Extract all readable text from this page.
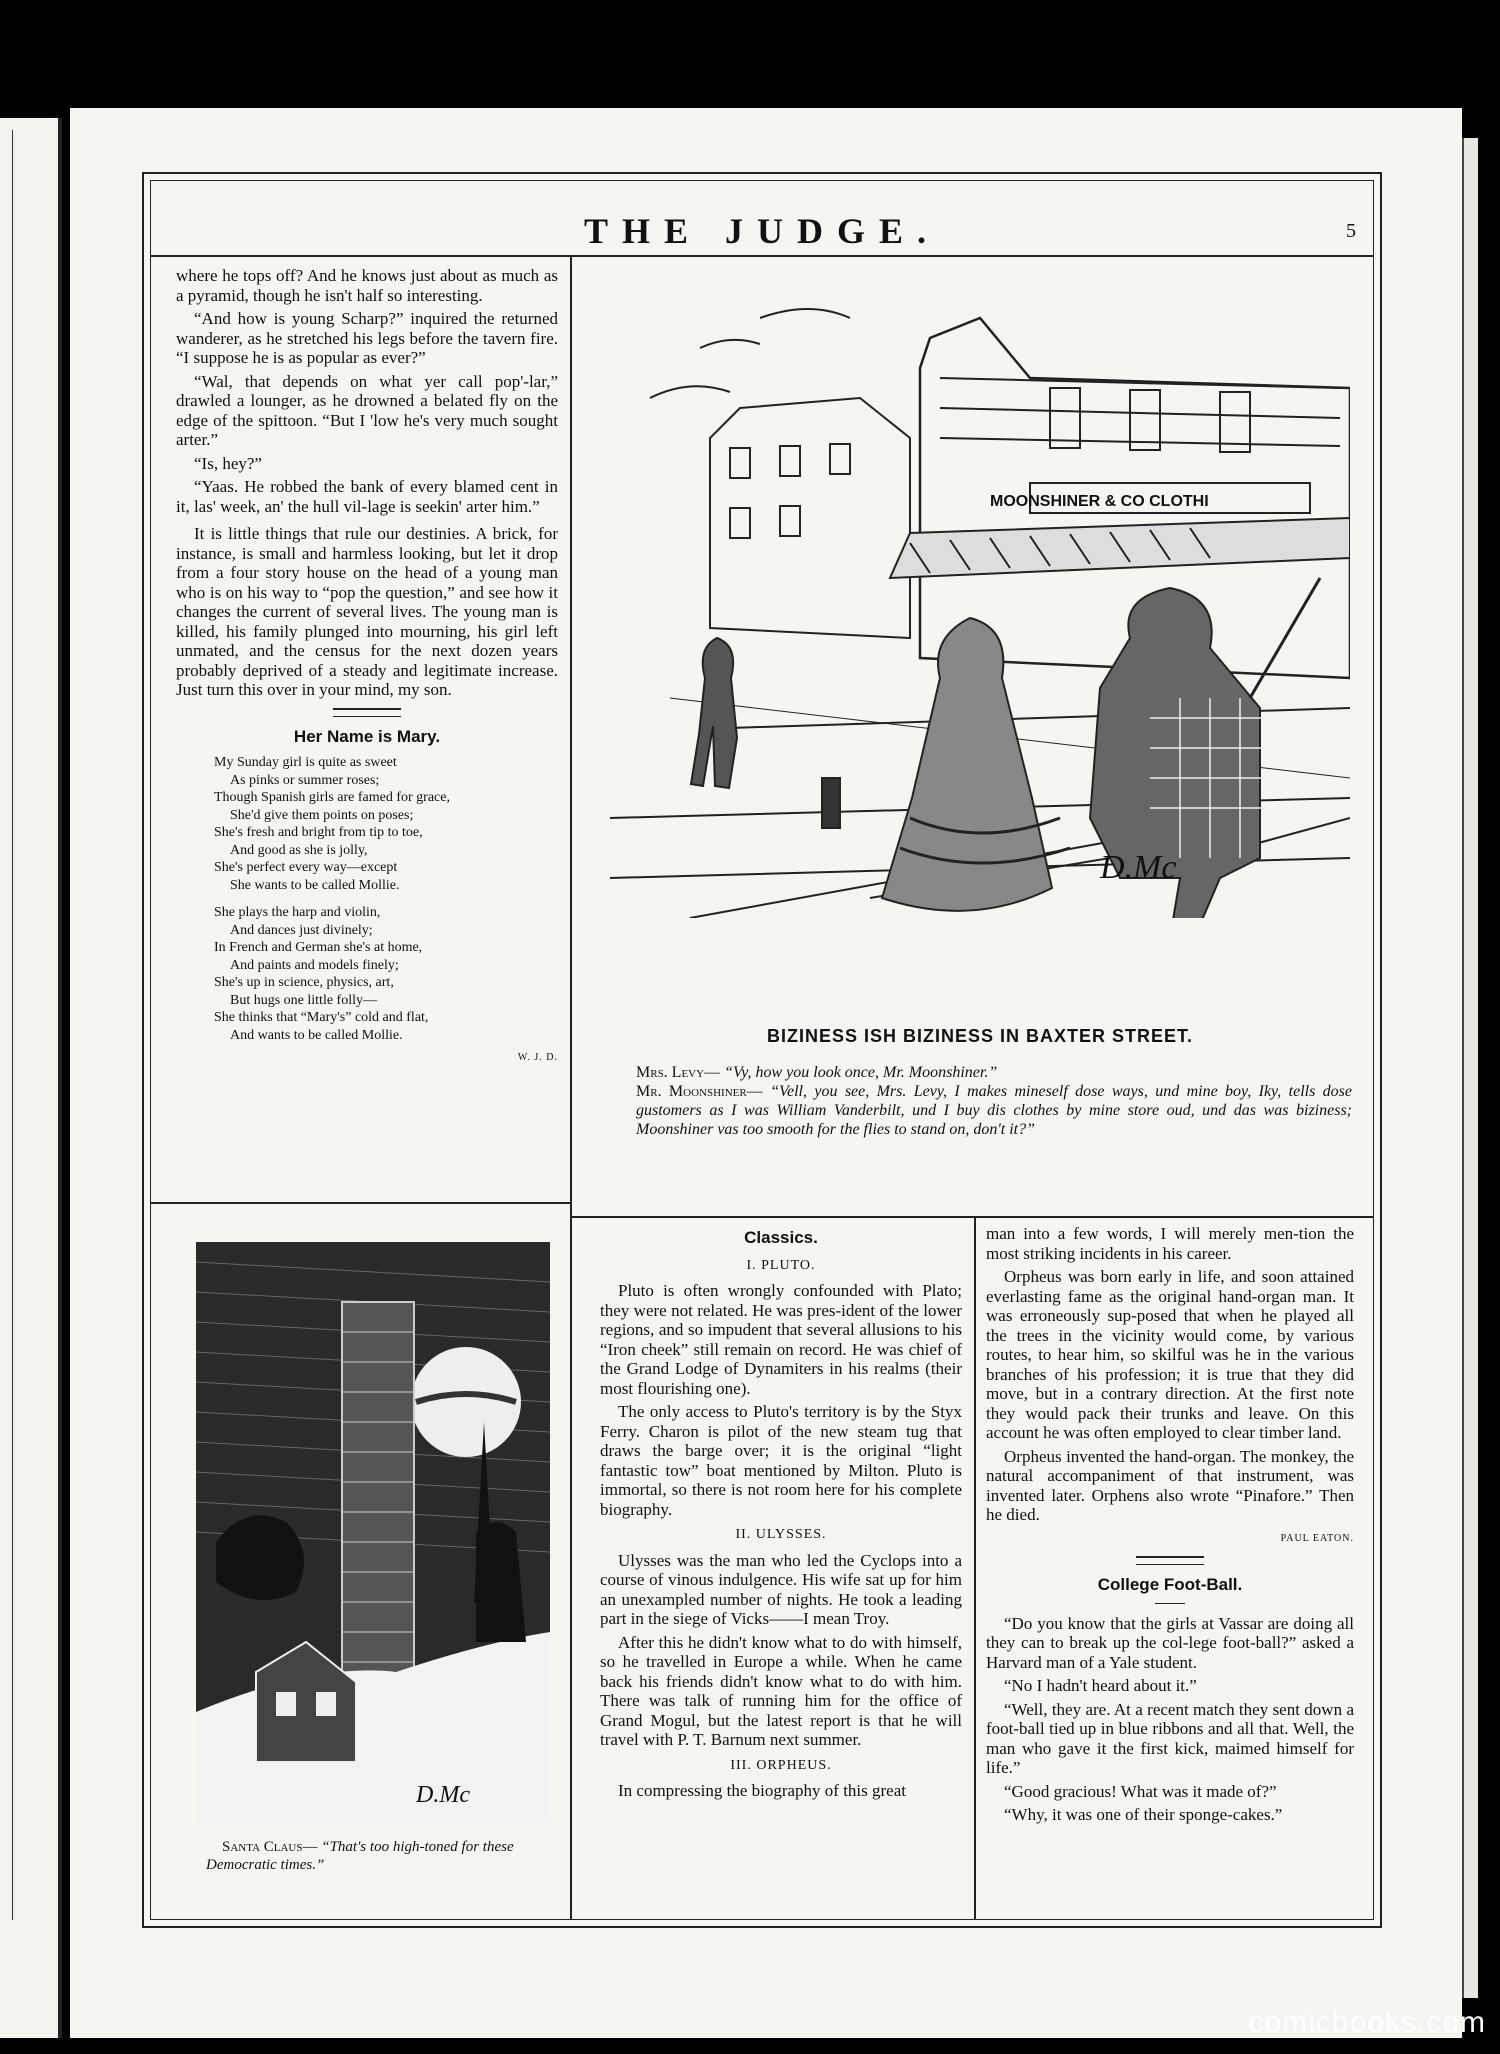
THE JUDGE.	5

where he tops off? And he knows just about as much as a pyramid, though he isn't half so interesting.

“And how is young Scharp?” inquired the returned wanderer, as he stretched his legs before the tavern fire. “I suppose he is as popular as ever?”

“Wal, that depends on what yer call pop'-lar,” drawled a lounger, as he drowned a belated fly on the edge of the spittoon. “But I 'low he's very much sought arter.”

“Is, hey?”

“Yaas. He robbed the bank of every blamed cent in it, las' week, an' the hull vil-lage is seekin' arter him.”

It is little things that rule our destinies. A brick, for instance, is small and harmless looking, but let it drop from a four story house on the head of a young man who is on his way to “pop the question,” and see how it changes the current of several lives. The young man is killed, his family plunged into mourning, his girl left unmated, and the census for the next dozen years probably deprived of a steady and legitimate increase. Just turn this over in your mind, my son.

Her Name is Mary.
My Sunday girl is quite as sweet
As pinks or summer roses;
Though Spanish girls are famed for grace,
She'd give them points on poses;
She's fresh and bright from tip to toe,
And good as she is jolly,
She's perfect every way—except
She wants to be called Mollie.
She plays the harp and violin,
And dances just divinely;
In French and German she's at home,
And paints and models finely;
She's up in science, physics, art,
But hugs one little folly—
She thinks that “Mary's” cold and flat,
And wants to be called Mollie.
W. J. D.
MOONSHINER & CO CLOTHI
D.Mc
BIZINESS ISH BIZINESS IN BAXTER STREET.
Mrs. Levy— “Vy, how you look once, Mr. Moonshiner.”
Mr. Moonshiner— “Vell, you see, Mrs. Levy, I makes mineself dose ways, und mine boy, Iky, tells dose gustomers as I was William Vanderbilt, und I buy dis clothes by mine store oud, und das was biziness; Moonshiner vas too smooth for the flies to stand on, don't it?”
D.Mc
Santa Claus— “That's too high-toned for these Democratic times.”
Classics.
I. PLUTO.

Pluto is often wrongly confounded with Plato; they were not related. He was pres-ident of the lower regions, and so impudent that several allusions to his “Iron cheek” still remain on record. He was chief of the Grand Lodge of Dynamiters in his realms (their most flourishing one).

The only access to Pluto's territory is by the Styx Ferry. Charon is pilot of the new steam tug that draws the barge over; it is the original “light fantastic tow” boat mentioned by Milton. Pluto is immortal, so there is not room here for his complete biography.

II. ULYSSES.

Ulysses was the man who led the Cyclops into a course of vinous indulgence. His wife sat up for him an unexampled number of nights. He took a leading part in the siege of Vicks——I mean Troy.

After this he didn't know what to do with himself, so he travelled in Europe a while. When he came back his friends didn't know what to do with him. There was talk of running him for the office of Grand Mogul, but the latest report is that he will travel with P. T. Barnum next summer.

III. ORPHEUS.

In compressing the biography of this great

man into a few words, I will merely men-tion the most striking incidents in his career.

Orpheus was born early in life, and soon attained everlasting fame as the original hand-organ man. It was erroneously sup-posed that when he played all the trees in the vicinity would come, by various routes, to hear him, so skilful was he in the various branches of his profession; it is true that they did move, but in a contrary direction. At the first note they would pack their trunks and leave. On this account he was often employed to clear timber land.

Orpheus invented the hand-organ. The monkey, the natural accompaniment of that instrument, was invented later. Orphens also wrote “Pinafore.” Then he died.

PAUL EATON.
College Foot-Ball.

“Do you know that the girls at Vassar are doing all they can to break up the col-lege foot-ball?” asked a Harvard man of a Yale student.

“No I hadn't heard about it.”

“Well, they are. At a recent match they sent down a foot-ball tied up in blue ribbons and all that. Well, the man who gave it the first kick, maimed himself for life.”

“Good gracious! What was it made of?”

“Why, it was one of their sponge-cakes.”

comicbooks.com
